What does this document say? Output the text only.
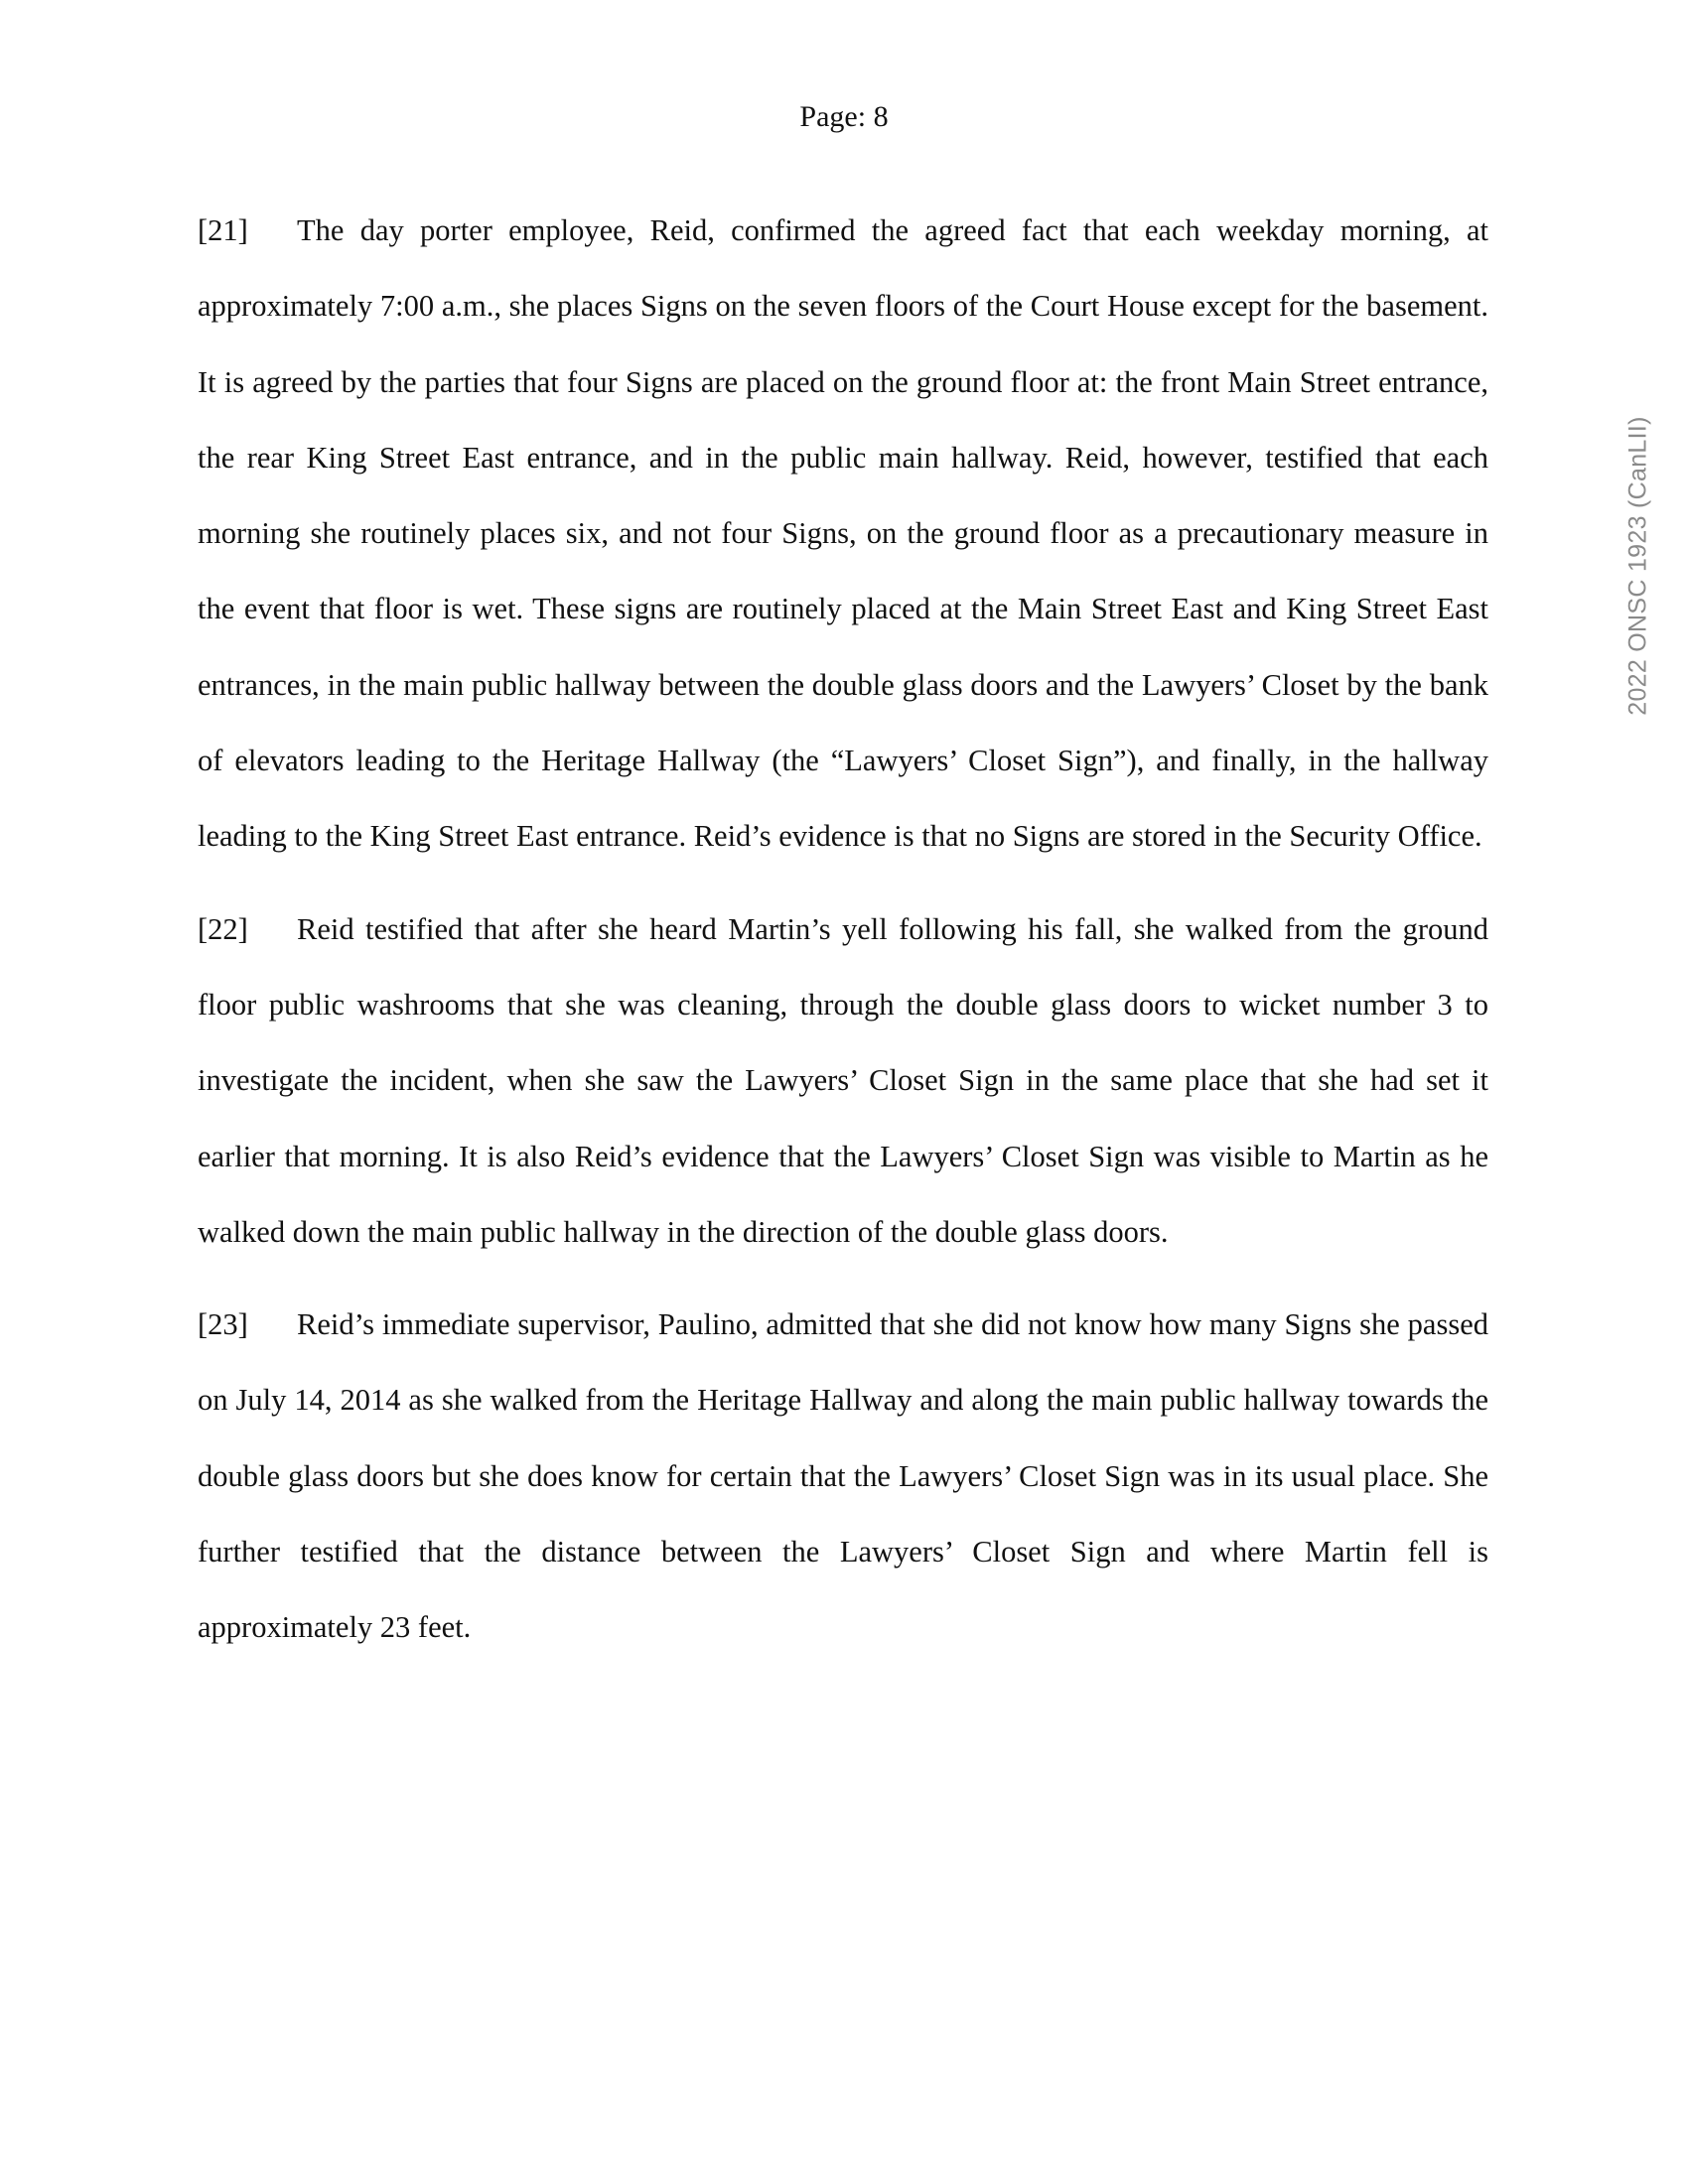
Page: 8

[21] The day porter employee, Reid, confirmed the agreed fact that each weekday morning, at approximately 7:00 a.m., she places Signs on the seven floors of the Court House except for the basement. It is agreed by the parties that four Signs are placed on the ground floor at: the front Main Street entrance, the rear King Street East entrance, and in the public main hallway. Reid, however, testified that each morning she routinely places six, and not four Signs, on the ground floor as a precautionary measure in the event that floor is wet. These signs are routinely placed at the Main Street East and King Street East entrances, in the main public hallway between the double glass doors and the Lawyers’ Closet by the bank of elevators leading to the Heritage Hallway (the “Lawyers’ Closet Sign”), and finally, in the hallway leading to the King Street East entrance. Reid’s evidence is that no Signs are stored in the Security Office.

[22] Reid testified that after she heard Martin’s yell following his fall, she walked from the ground floor public washrooms that she was cleaning, through the double glass doors to wicket number 3 to investigate the incident, when she saw the Lawyers’ Closet Sign in the same place that she had set it earlier that morning. It is also Reid’s evidence that the Lawyers’ Closet Sign was visible to Martin as he walked down the main public hallway in the direction of the double glass doors.

[23] Reid’s immediate supervisor, Paulino, admitted that she did not know how many Signs she passed on July 14, 2014 as she walked from the Heritage Hallway and along the main public hallway towards the double glass doors but she does know for certain that the Lawyers’ Closet Sign was in its usual place. She further testified that the distance between the Lawyers’ Closet Sign and where Martin fell is approximately 23 feet.

2022 ONSC 1923 (CanLII)
